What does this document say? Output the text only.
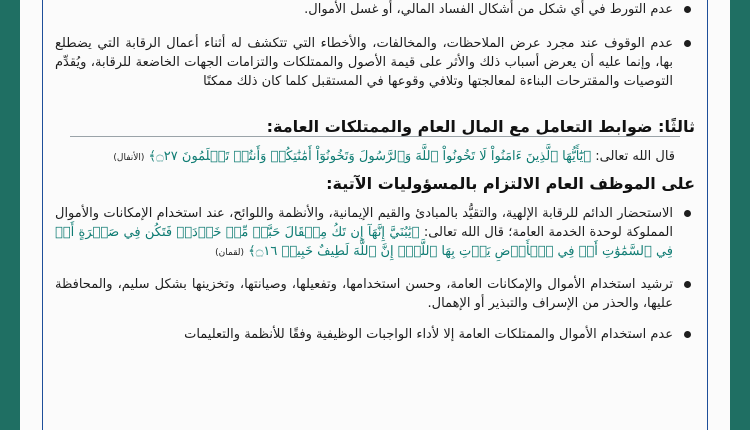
عدم التورط في أي شكل من أشكال الفساد المالي، أو غسل الأموال.
عدم الوقوف عند مجرد عرض الملاحظات، والمخالفات، والأخطاء التي تتكشف له أثناء أعمال الرقابة التي يضطلع بها، وإنما عليه أن يعرض أسباب ذلك والأثر على قيمة الأصول والممتلكات والتزامات الجهات الخاضعة للرقابة، ويُقدِّم التوصيات والمقترحات البناءة لمعالجتها وتلافي وقوعها في المستقبل كلما كان ذلك ممكنًا
ثالثًا: ضوابط التعامل مع المال العام والممتلكات العامة:
قال الله تعالى: ﴿يَٰٓأَيُّهَا ٱلَّذِينَ ءَامَنُواْ لَا تَخُونُواْ ٱللَّهَ وَٱلرَّسُولَ وَتَخُونُوٓاْ أَمَٰنَٰتِكُمۡ وَأَنتُمۡ تَعۡلَمُونَ ۝٢٧﴾ (الأنفال)
على الموظف العام الالتزام بالمسؤوليات الآتية:
الاستحضار الدائم للرقابة الإلهية، والتقيُّد بالمبادئ والقيم الإيمانية، والأنظمة واللوائح، عند استخدام الإمكانات والأموال المملوكة لوحدة الخدمة العامة؛ قال الله تعالى: ﴿يَٰبُنَيَّ إِنَّهَآ إِن تَكُ مِثۡقَالَ حَبَّةٖ مِّنۡ خَرۡدَلٖ فَتَكُن فِي صَخۡرَةٍ أَوۡ فِي ٱلسَّمَٰوَٰتِ أَوۡ فِي ٱلۡأَرۡضِ يَأۡتِ بِهَا ٱللَّهُۚ إِنَّ ٱللَّهَ لَطِيفٌ خَبِيرٞ ۝١٦﴾ (لقمان)
ترشيد استخدام الأموال والإمكانات العامة، وحسن استخدامها، وتفعيلها، وصيانتها، وتخزينها بشكل سليم، والمحافظة عليها، والحذر من الإسراف والتبذير أو الإهمال.
عدم استخدام الأموال والممتلكات العامة إلا لأداء الواجبات الوظيفية وفقًا للأنظمة والتعليمات
